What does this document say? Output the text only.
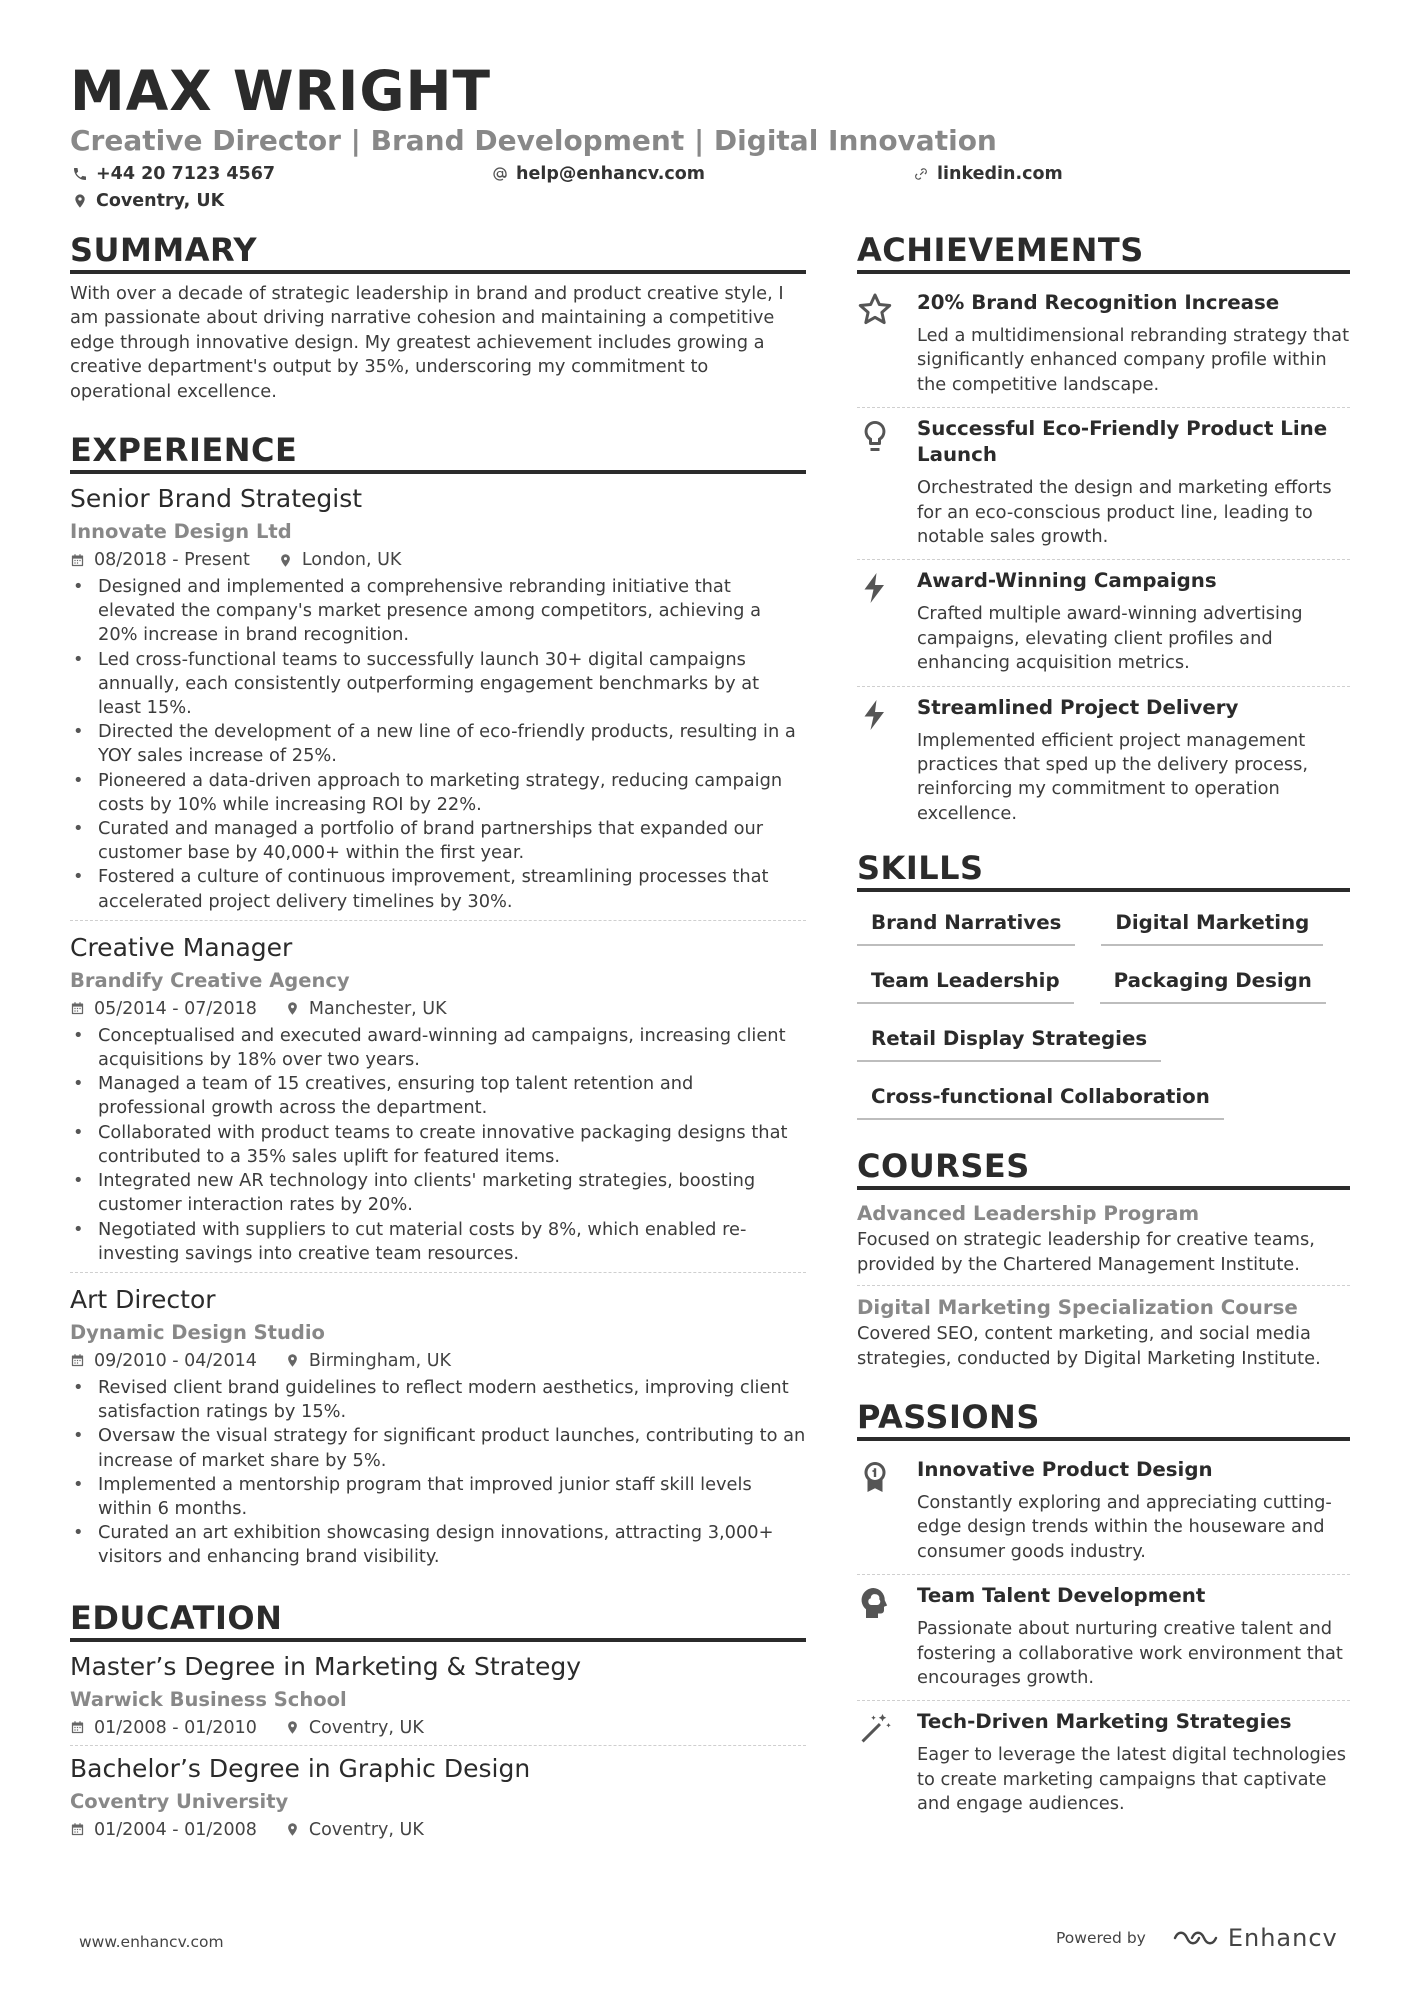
MAX WRIGHT
Creative Director | Brand Development | Digital Innovation
+44 20 7123 4567	help@enhancv.com	linkedin.com
Coventry, UK
SUMMARY
With over a decade of strategic leadership in brand and product creative style, I am passionate about driving narrative cohesion and maintaining a competitive edge through innovative design. My greatest achievement includes growing a creative department's output by 35%, underscoring my commitment to operational excellence.
EXPERIENCE
Senior Brand Strategist
Innovate Design Ltd
08/2018 - Present	London, UK
• Designed and implemented a comprehensive rebranding initiative that elevated the company's market presence among competitors, achieving a 20% increase in brand recognition.
• Led cross-functional teams to successfully launch 30+ digital campaigns annually, each consistently outperforming engagement benchmarks by at least 15%.
• Directed the development of a new line of eco-friendly products, resulting in a YOY sales increase of 25%.
• Pioneered a data-driven approach to marketing strategy, reducing campaign costs by 10% while increasing ROI by 22%.
• Curated and managed a portfolio of brand partnerships that expanded our customer base by 40,000+ within the first year.
• Fostered a culture of continuous improvement, streamlining processes that accelerated project delivery timelines by 30%.
Creative Manager
Brandify Creative Agency
05/2014 - 07/2018	Manchester, UK
• Conceptualised and executed award-winning ad campaigns, increasing client acquisitions by 18% over two years.
• Managed a team of 15 creatives, ensuring top talent retention and professional growth across the department.
• Collaborated with product teams to create innovative packaging designs that contributed to a 35% sales uplift for featured items.
• Integrated new AR technology into clients' marketing strategies, boosting customer interaction rates by 20%.
• Negotiated with suppliers to cut material costs by 8%, which enabled re-investing savings into creative team resources.
Art Director
Dynamic Design Studio
09/2010 - 04/2014	Birmingham, UK
• Revised client brand guidelines to reflect modern aesthetics, improving client satisfaction ratings by 15%.
• Oversaw the visual strategy for significant product launches, contributing to an increase of market share by 5%.
• Implemented a mentorship program that improved junior staff skill levels within 6 months.
• Curated an art exhibition showcasing design innovations, attracting 3,000+ visitors and enhancing brand visibility.
EDUCATION
Master’s Degree in Marketing & Strategy
Warwick Business School
01/2008 - 01/2010	Coventry, UK
Bachelor’s Degree in Graphic Design
Coventry University
01/2004 - 01/2008	Coventry, UK
ACHIEVEMENTS
20% Brand Recognition Increase
Led a multidimensional rebranding strategy that significantly enhanced company profile within the competitive landscape.
Successful Eco-Friendly Product Line Launch
Orchestrated the design and marketing efforts for an eco-conscious product line, leading to notable sales growth.
Award-Winning Campaigns
Crafted multiple award-winning advertising campaigns, elevating client profiles and enhancing acquisition metrics.
Streamlined Project Delivery
Implemented efficient project management practices that sped up the delivery process, reinforcing my commitment to operation excellence.
SKILLS
Brand Narratives	Digital Marketing
Team Leadership	Packaging Design
Retail Display Strategies
Cross-functional Collaboration
COURSES
Advanced Leadership Program
Focused on strategic leadership for creative teams, provided by the Chartered Management Institute.
Digital Marketing Specialization Course
Covered SEO, content marketing, and social media strategies, conducted by Digital Marketing Institute.
PASSIONS
Innovative Product Design
Constantly exploring and appreciating cutting-edge design trends within the houseware and consumer goods industry.
Team Talent Development
Passionate about nurturing creative talent and fostering a collaborative work environment that encourages growth.
Tech-Driven Marketing Strategies
Eager to leverage the latest digital technologies to create marketing campaigns that captivate and engage audiences.
www.enhancv.com	Powered by	Enhancv
